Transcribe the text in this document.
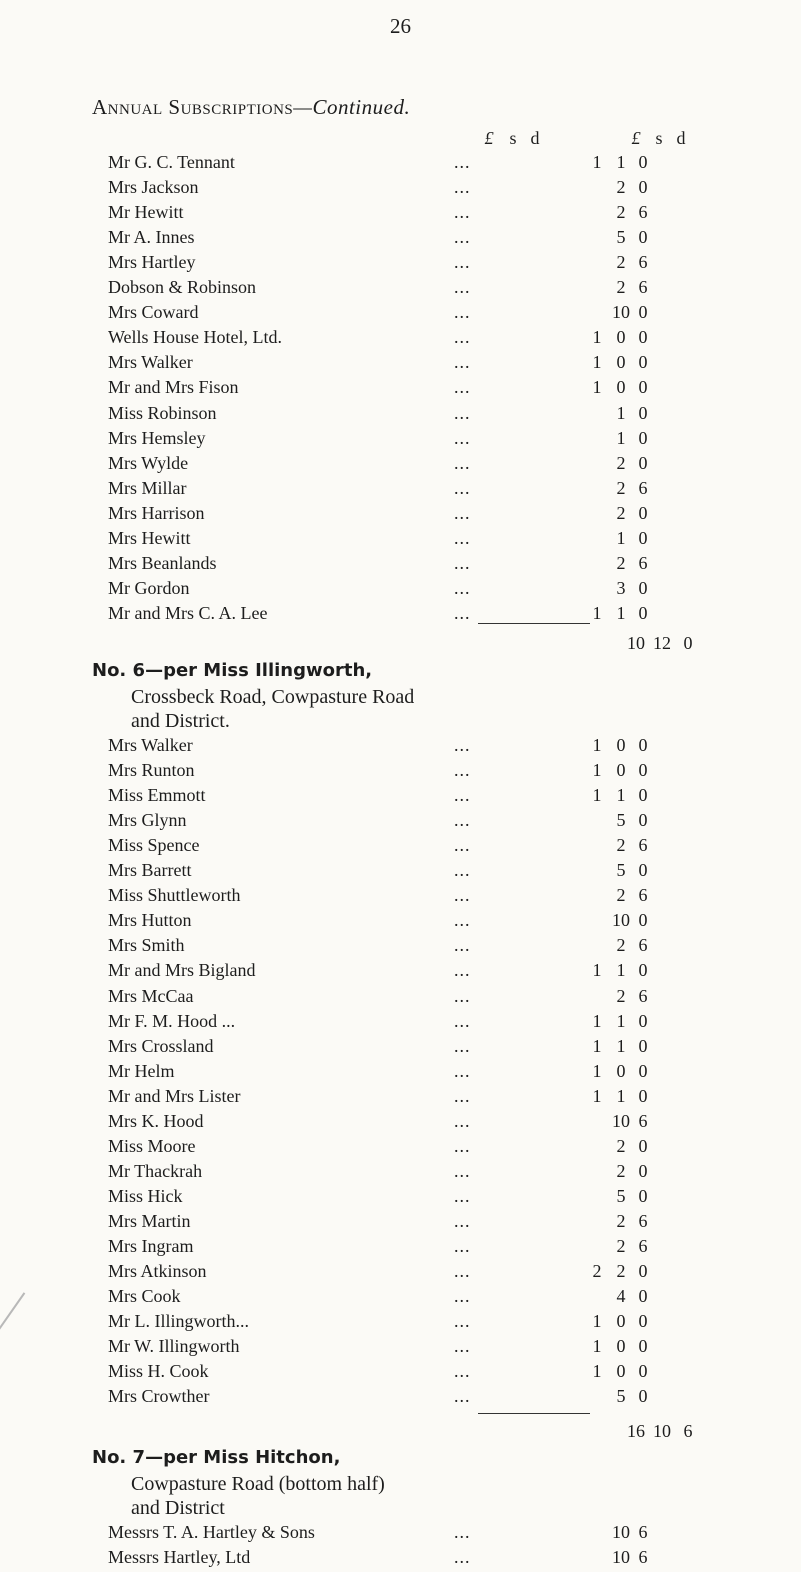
26
Annual Subscriptions—Continued.
£ s d	£ s d
Mr G. C. Tennant	...	1 1 0
Mrs Jackson	...	2 0
Mr Hewitt	...	2 6
Mr A. Innes	...	5 0
Mrs Hartley	...	2 6
Dobson & Robinson	...	2 6
Mrs Coward	...	10 0
Wells House Hotel, Ltd.	...	1 0 0
Mrs Walker	...	1 0 0
Mr and Mrs Fison	...	1 0 0
Miss Robinson	...	1 0
Mrs Hemsley	...	1 0
Mrs Wylde	...	2 0
Mrs Millar	...	2 6
Mrs Harrison	...	2 0
Mrs Hewitt	...	1 0
Mrs Beanlands	...	2 6
Mr Gordon	...	3 0
Mr and Mrs C. A. Lee	...	1 1 0
10 12 0
No. 6—per Miss Illingworth,
Crossbeck Road, Cowpasture Road
and District.
Mrs Walker	...	1 0 0
Mrs Runton	...	1 0 0
Miss Emmott	...	1 1 0
Mrs Glynn	...	5 0
Miss Spence	...	2 6
Mrs Barrett	...	5 0
Miss Shuttleworth	...	2 6
Mrs Hutton	...	10 0
Mrs Smith	...	2 6
Mr and Mrs Bigland	...	1 1 0
Mrs McCaa	...	2 6
Mr F. M. Hood ...	...	1 1 0
Mrs Crossland	...	1 1 0
Mr Helm	...	1 0 0
Mr and Mrs Lister	...	1 1 0
Mrs K. Hood	...	10 6
Miss Moore	...	2 0
Mr Thackrah	...	2 0
Miss Hick	...	5 0
Mrs Martin	...	2 6
Mrs Ingram	...	2 6
Mrs Atkinson	...	2 2 0
Mrs Cook	...	4 0
Mr L. Illingworth...	...	1 0 0
Mr W. Illingworth	...	1 0 0
Miss H. Cook	...	1 0 0
Mrs Crowther	...	5 0
16 10 6
No. 7—per Miss Hitchon,
Cowpasture Road (bottom half)
and District
Messrs T. A. Hartley & Sons	...	10 6
Messrs Hartley, Ltd	...	10 6
